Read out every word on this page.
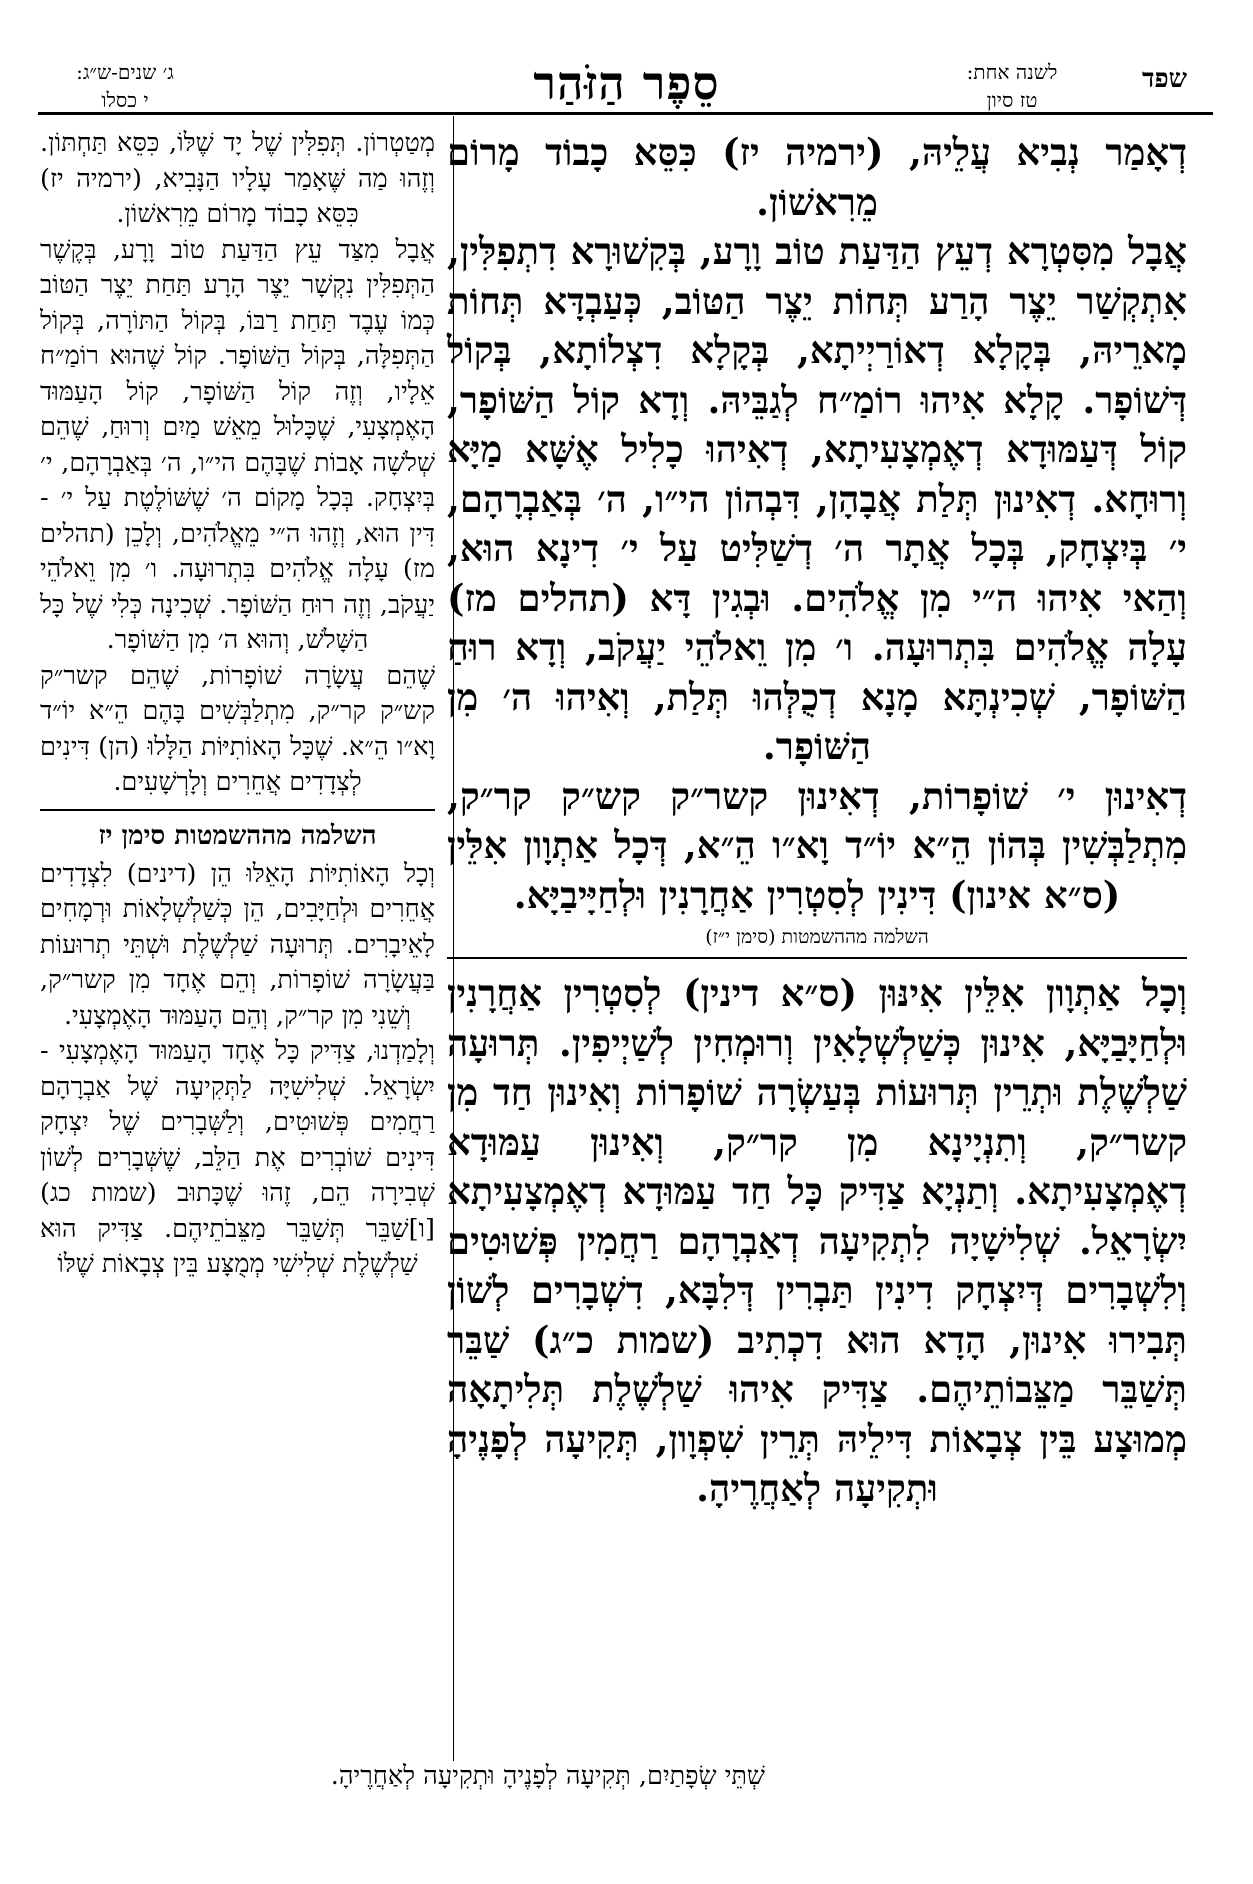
שפד
לשנה אחת:
טז סיון
סֵפֶר הַזֹּהַר
ג׳ שנים-ש״ג:
י כסלו

דְאָמַר נְבִיא עֲלֵיהּ, (ירמיה יז) כִּסֵּא כָבוֹד מָרוֹם מֵרִאשׁוֹן.

אֲבָל מִסִּטְרָא דְעֵץ הַדַּעַת טוֹב וָרָע, בְּקִשׁוּרָא דִתְפִלִּין, אִתְקְשַׁר יֵצֶר הָרַע תְּחוֹת יֵצֶר הַטּוֹב, כְּעַבְדָּא תְּחוֹת מָארֵיהּ, בְּקָלָא דְאוֹרַיְיתָא, בְּקָלָא דִצְלוֹתָא, בְּקוֹל דְּשׁוֹפָר. קָלָא אִיהוּ רוֹמַ״ח לְגַבֵּיהּ. וְדָא קוֹל הַשּׁוֹפָר, קוֹל דְּעַמּוּדָא דְאֶמְצָעִיתָא, דְאִיהוּ כָלִיל אֶשָּׁא מַיָּא וְרוּחָא. דְאִינוּן תְּלַת אֲבָהָן, דִּבְהוֹן הי״ו, ה׳ בְּאַבְרָהָם, י׳ בְּיִצְחָק, בְּכָל אֲתָר ה׳ דְשַׁלִּיט עַל י׳ דִינָא הוּא, וְהַאי אִיהוּ ה״י מִן אֱלֹהִים. וּבְגִין דָּא (תהלים מז) עָלָה אֱלֹהִים בִּתְרוּעָה. ו׳ מִן וֵאלֹהֵי יַעֲקֹב, וְדָא רוּחַ הַשּׁוֹפָר, שְׁכִינְתָּא מָנָא דְכֻלְּהוּ תְּלַת, וְאִיהוּ ה׳ מִן הַשּׁוֹפָר.

דְאִינוּן י׳ שׁוֹפָרוֹת, דְאִינוּן קשר״ק קש״ק קר״ק, מִתְלַבְּשִׁין בְּהוֹן הֵ״א יוֹ״ד וָא״ו הֵ״א, דְּכָל אַתְוָון אִלֵּין (ס״א אינון) דִּינִין לְסִטְרִין אַחֲרָנִין וּלְחַיָּיבַיָּא.

השלמה מההשמטות (סימן י״ז)

וְכָל אַתְוָון אִלֵּין אִינּוּן (ס״א דינין) לְסִטְרִין אַחֲרָנִין וּלְחַיָּבַיָּא, אִינוּן כְּשַׁלְשְׁלָאִין וְרוּמְחִין לְשַׁיְיפִין. תְּרוּעָה שַׁלְשֶׁלֶת וּתְרֵין תְּרוּעוֹת בְּעַשְׂרָה שׁוֹפָרוֹת וְאִינוּן חַד מִן קשר״ק, וְתִנְיָינָא מִן קר״ק, וְאִינוּן עַמּוּדָא דְאֶמְצָעִיתָא. וְתַנְיָא צַדִּיק כָּל חַד עַמּוּדָא דְאֶמְצָעִיתָא יִשְׂרָאֵל. שְׁלִישָׁיָה לִתְקִיעָה דְאַבְרָהָם רַחֲמִין פְּשׁוּטִים וְלִשְׁבָרִים דְּיִצְחָק דִינִין תַּבְרִין דְּלִבָּא, דִשְׁבָרִים לְשׁוֹן תְּבִירוּ אִינוּן, הָדָא הוּא דִכְתִיב (שמות כ״ג) שַׁבֵּר תְּשַׁבֵּר מַצֵּבוֹתֵיהֶם. צַדִּיק אִיהוּ שַׁלְשֶׁלֶת תְּלִיתָאָה מְמוּצָע בֵּין צְבָאוֹת דִּילֵיהּ תְּרֵין שִׁפְוָון, תְּקִיעָה לְפָנֶיהָ וּתְקִיעָה לְאַחֲרֶיהָ.

מְטַטְרוֹן. תְּפִלִּין שֶׁל יָד שֶׁלּוֹ, כִּסֵּא תַּחְתּוֹן. וְזֶהוּ מַה שֶּׁאָמַר עָלָיו הַנָּבִיא, (ירמיה יז) כִּסֵּא כָבוֹד מָרוֹם מֵרִאשׁוֹן.

אֲבָל מִצַּד עֵץ הַדַּעַת טוֹב וָרָע, בְּקֶשֶׁר הַתְּפִלִּין נִקְשָׁר יֵצֶר הָרָע תַּחַת יֵצֶר הַטּוֹב כְּמוֹ עֶבֶד תַּחַת רַבּוֹ, בְּקוֹל הַתּוֹרָה, בְּקוֹל הַתְּפִלָּה, בְּקוֹל הַשּׁוֹפָר. קוֹל שֶׁהוּא רוֹמַ״ח אֵלָיו, וְזֶה קוֹל הַשּׁוֹפָר, קוֹל הָעַמּוּד הָאֶמְצָעִי, שֶׁכָּלוּל מֵאֵשׁ מַיִם וְרוּחַ, שֶׁהֵם שְׁלֹשָׁה אָבוֹת שֶׁבָּהֶם הי״ו, ה׳ בְּאַבְרָהָם, י׳ בְּיִצְחָק. בְּכָל מָקוֹם ה׳ שֶׁשּׁוֹלֶטֶת עַל י׳ - דִּין הוּא, וְזֶהוּ ה״י מֵאֱלֹהִים, וְלָכֵן (תהלים מז) עָלָה אֱלֹהִים בִּתְרוּעָה. ו׳ מִן וֵאלֹהֵי יַעֲקֹב, וְזֶה רוּחַ הַשּׁוֹפָר. שְׁכִינָה כְּלִי שֶׁל כָּל הַשָּׁלֹשׁ, וְהוּא ה׳ מִן הַשּׁוֹפָר.

שֶׁהֵם עֲשָׂרָה שׁוֹפָרוֹת, שֶׁהֵם קשר״ק קש״ק קר״ק, מִתְלַבְּשִׁים בָּהֶם הֵ״א יוֹ״ד וָא״ו הֵ״א. שֶׁכָּל הָאוֹתִיּוֹת הַלָּלוּ (הן) דִּינִים לְצְדָדִים אֲחֵרִים וְלָרְשָׁעִים.

השלמה מההשמטות סימן יז

וְכָל הָאוֹתִיּוֹת הָאֵלּוּ הֵן (דינים) לִצְדָדִים אֲחֵרִים וּלְחַיָּבִים, הֵן כְּשַׁלְשְׁלָאוֹת וּרְמָחִים לָאֵיבָרִים. תְּרוּעָה שַׁלְשֶׁלֶת וּשְׁתֵּי תְרוּעוֹת בַּעֲשָׂרָה שׁוֹפָרוֹת, וְהֵם אֶחָד מִן קשר״ק, וְשֵׁנִי מִן קר״ק, וְהֵם הָעַמּוּד הָאֶמְצָעִי.

וְלָמַדְנוּ, צַדִּיק כָּל אֶחָד הָעַמּוּד הָאֶמְצָעִי - יִשְׂרָאֵל. שְׁלִישִׁיָּה לַתְּקִיעָה שֶׁל אַבְרָהָם רַחֲמִים פְּשׁוּטִים, וְלַשְּׁבָרִים שֶׁל יִצְחָק דִּינִים שׁוֹבְרִים אֶת הַלֵּב, שֶׁשְּׁבָרִים לְשׁוֹן שְׁבִירָה הֵם, זֶהוּ שֶׁכָּתוּב (שמות כג) [ו]שַׁבֵּר תְּשַׁבֵּר מַצֵּבֹתֵיהֶם. צַדִּיק הוּא שַׁלְשֶׁלֶת שְׁלִישִׁי מְמֻצָּע בֵּין צְבָאוֹת שֶׁלּוֹ

שְׁתֵּי שְׂפָתַיִם, תְּקִיעָה לְפָנֶיהָ וּתְקִיעָה לְאַחֲרֶיהָ.
